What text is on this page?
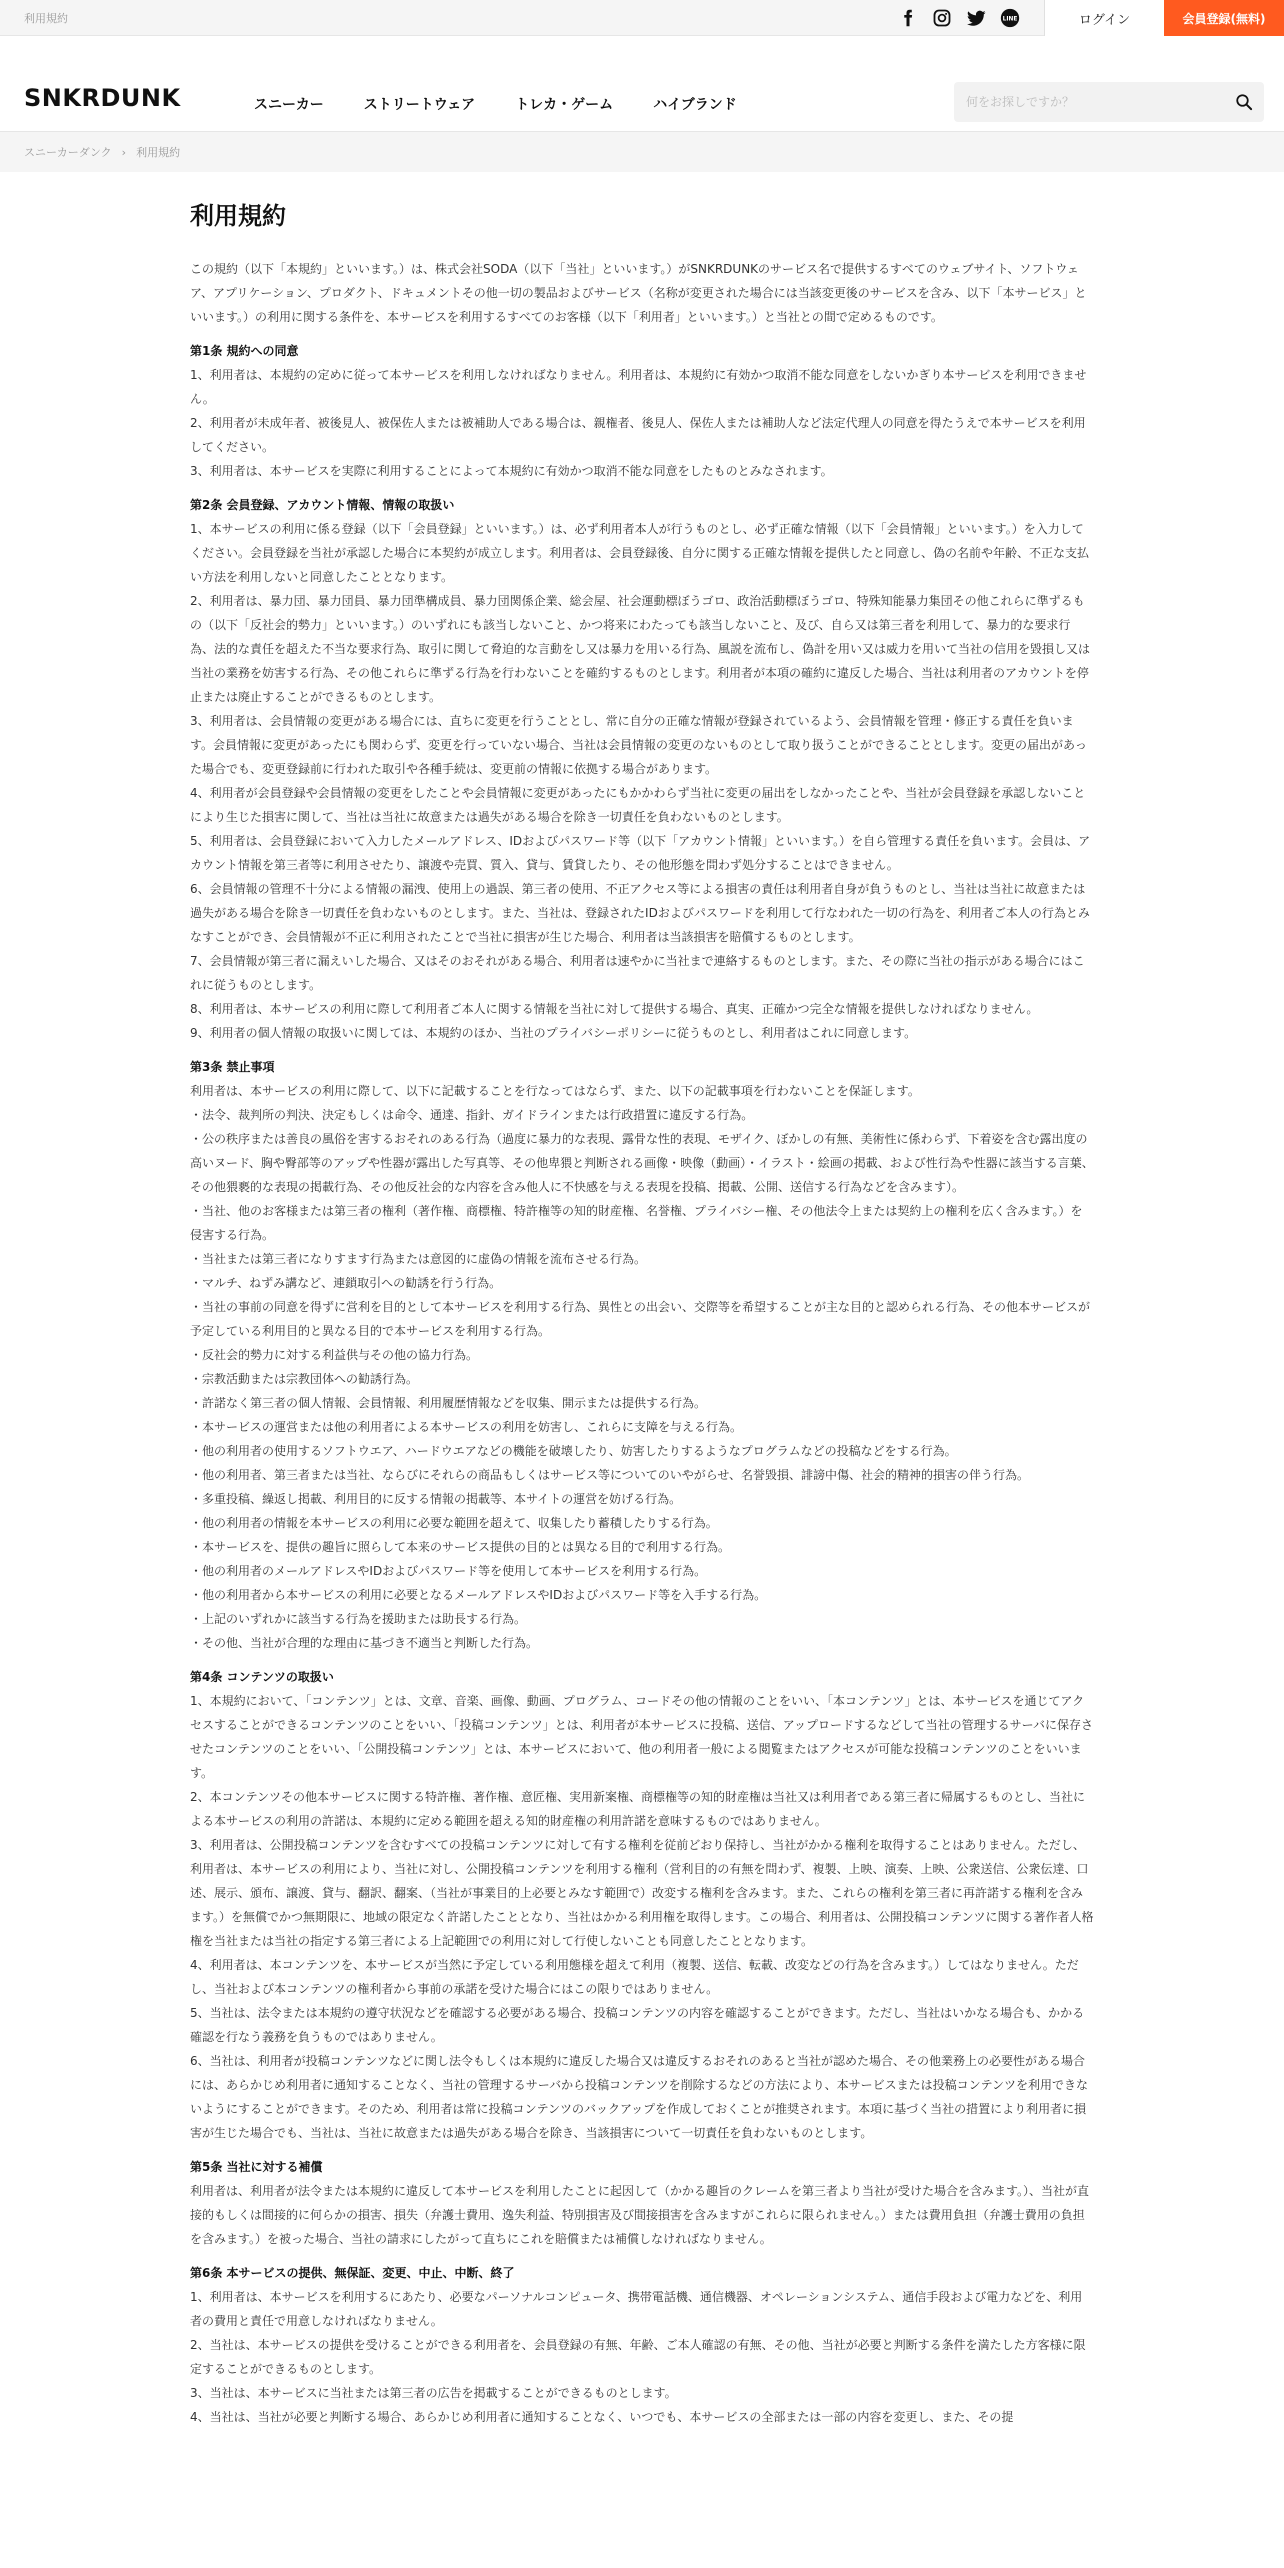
利用規約	LINE	ログイン	会員登録(無料)
SNKRDUNK	スニーカー	ストリートウェア	トレカ・ゲーム	ハイブランド
何をお探しですか？
スニーカーダンク › 利用規約
利用規約

この規約（以下「本規約」といいます。）は、株式会社SODA（以下「当社」といいます。）がSNKRDUNKのサービス名で提供するすべてのウェブサイト、ソフトウェア、アプリケーション、プロダクト、ドキュメントその他一切の製品およびサービス（名称が変更された場合には当該変更後のサービスを含み、以下「本サービス」といいます。）の利用に関する条件を、本サービスを利用するすべてのお客様（以下「利用者」といいます。）と当社との間で定めるものです。

第1条 規約への同意

1、利用者は、本規約の定めに従って本サービスを利用しなければなりません。利用者は、本規約に有効かつ取消不能な同意をしないかぎり本サービスを利用できません。

2、利用者が未成年者、被後見人、被保佐人または被補助人である場合は、親権者、後見人、保佐人または補助人など法定代理人の同意を得たうえで本サービスを利用してください。

3、利用者は、本サービスを実際に利用することによって本規約に有効かつ取消不能な同意をしたものとみなされます。

第2条 会員登録、アカウント情報、情報の取扱い

1、本サービスの利用に係る登録（以下「会員登録」といいます。）は、必ず利用者本人が行うものとし、必ず正確な情報（以下「会員情報」といいます。）を入力してください。会員登録を当社が承認した場合に本契約が成立します。利用者は、会員登録後、自分に関する正確な情報を提供したと同意し、偽の名前や年齢、不正な支払い方法を利用しないと同意したこととなります。

2、利用者は、暴力団、暴力団員、暴力団準構成員、暴力団関係企業、総会屋、社会運動標ぼうゴロ、政治活動標ぼうゴロ、特殊知能暴力集団その他これらに準ずるもの（以下「反社会的勢力」といいます。）のいずれにも該当しないこと、かつ将来にわたっても該当しないこと、及び、自ら又は第三者を利用して、暴力的な要求行為、法的な責任を超えた不当な要求行為、取引に関して脅迫的な言動をし又は暴力を用いる行為、風説を流布し、偽計を用い又は威力を用いて当社の信用を毀損し又は当社の業務を妨害する行為、その他これらに準ずる行為を行わないことを確約するものとします。利用者が本項の確約に違反した場合、当社は利用者のアカウントを停止または廃止することができるものとします。

3、利用者は、会員情報の変更がある場合には、直ちに変更を行うこととし、常に自分の正確な情報が登録されているよう、会員情報を管理・修正する責任を負います。会員情報に変更があったにも関わらず、変更を行っていない場合、当社は会員情報の変更のないものとして取り扱うことができることとします。変更の届出があった場合でも、変更登録前に行われた取引や各種手続は、変更前の情報に依拠する場合があります。

4、利用者が会員登録や会員情報の変更をしたことや会員情報に変更があったにもかかわらず当社に変更の届出をしなかったことや、当社が会員登録を承認しないことにより生じた損害に関して、当社は当社に故意または過失がある場合を除き一切責任を負わないものとします。

5、利用者は、会員登録において入力したメールアドレス、IDおよびパスワード等（以下「アカウント情報」といいます。）を自ら管理する責任を負います。会員は、アカウント情報を第三者等に利用させたり、譲渡や売買、質入、貸与、賃貸したり、その他形態を問わず処分することはできません。

6、会員情報の管理不十分による情報の漏洩、使用上の過誤、第三者の使用、不正アクセス等による損害の責任は利用者自身が負うものとし、当社は当社に故意または過失がある場合を除き一切責任を負わないものとします。また、当社は、登録されたIDおよびパスワードを利用して行なわれた一切の行為を、利用者ご本人の行為とみなすことができ、会員情報が不正に利用されたことで当社に損害が生じた場合、利用者は当該損害を賠償するものとします。

7、会員情報が第三者に漏えいした場合、又はそのおそれがある場合、利用者は速やかに当社まで連絡するものとします。また、その際に当社の指示がある場合にはこれに従うものとします。

8、利用者は、本サービスの利用に際して利用者ご本人に関する情報を当社に対して提供する場合、真実、正確かつ完全な情報を提供しなければなりません。

9、利用者の個人情報の取扱いに関しては、本規約のほか、当社のプライバシーポリシーに従うものとし、利用者はこれに同意します。

第3条 禁止事項

利用者は、本サービスの利用に際して、以下に記載することを行なってはならず、また、以下の記載事項を行わないことを保証します。

・法令、裁判所の判決、決定もしくは命令、通達、指針、ガイドラインまたは行政措置に違反する行為。

・公の秩序または善良の風俗を害するおそれのある行為（過度に暴力的な表現、露骨な性的表現、モザイク、ぼかしの有無、美術性に係わらず、下着姿を含む露出度の高いヌード、胸や臀部等のアップや性器が露出した写真等、その他卑猥と判断される画像・映像（動画）・イラスト・絵画の掲載、および性行為や性器に該当する言葉、その他猥褻的な表現の掲載行為、その他反社会的な内容を含み他人に不快感を与える表現を投稿、掲載、公開、送信する行為などを含みます）。

・当社、他のお客様または第三者の権利（著作権、商標権、特許権等の知的財産権、名誉権、プライバシー権、その他法令上または契約上の権利を広く含みます。）を侵害する行為。

・当社または第三者になりすます行為または意図的に虚偽の情報を流布させる行為。

・マルチ、ねずみ講など、連鎖取引への勧誘を行う行為。

・当社の事前の同意を得ずに営利を目的として本サービスを利用する行為、異性との出会い、交際等を希望することが主な目的と認められる行為、その他本サービスが予定している利用目的と異なる目的で本サービスを利用する行為。

・反社会的勢力に対する利益供与その他の協力行為。

・宗教活動または宗教団体への勧誘行為。

・許諾なく第三者の個人情報、会員情報、利用履歴情報などを収集、開示または提供する行為。

・本サービスの運営または他の利用者による本サービスの利用を妨害し、これらに支障を与える行為。

・他の利用者の使用するソフトウエア、ハードウエアなどの機能を破壊したり、妨害したりするようなプログラムなどの投稿などをする行為。

・他の利用者、第三者または当社、ならびにそれらの商品もしくはサービス等についてのいやがらせ、名誉毀損、誹謗中傷、社会的精神的損害の伴う行為。

・多重投稿、繰返し掲載、利用目的に反する情報の掲載等、本サイトの運営を妨げる行為。

・他の利用者の情報を本サービスの利用に必要な範囲を超えて、収集したり蓄積したりする行為。

・本サービスを、提供の趣旨に照らして本来のサービス提供の目的とは異なる目的で利用する行為。

・他の利用者のメールアドレスやIDおよびパスワード等を使用して本サービスを利用する行為。

・他の利用者から本サービスの利用に必要となるメールアドレスやIDおよびパスワード等を入手する行為。

・上記のいずれかに該当する行為を援助または助長する行為。

・その他、当社が合理的な理由に基づき不適当と判断した行為。

第4条 コンテンツの取扱い

1、本規約において、「コンテンツ」とは、文章、音楽、画像、動画、プログラム、コードその他の情報のことをいい、「本コンテンツ」とは、本サービスを通じてアクセスすることができるコンテンツのことをいい、「投稿コンテンツ」とは、利用者が本サービスに投稿、送信、アップロードするなどして当社の管理するサーバに保存させたコンテンツのことをいい、「公開投稿コンテンツ」とは、本サービスにおいて、他の利用者一般による閲覧またはアクセスが可能な投稿コンテンツのことをいいます。

2、本コンテンツその他本サービスに関する特許権、著作権、意匠権、実用新案権、商標権等の知的財産権は当社又は利用者である第三者に帰属するものとし、当社による本サービスの利用の許諾は、本規約に定める範囲を超える知的財産権の利用許諾を意味するものではありません。

3、利用者は、公開投稿コンテンツを含むすべての投稿コンテンツに対して有する権利を従前どおり保持し、当社がかかる権利を取得することはありません。ただし、利用者は、本サービスの利用により、当社に対し、公開投稿コンテンツを利用する権利（営利目的の有無を問わず、複製、上映、演奏、上映、公衆送信、公衆伝達、口述、展示、頒布、譲渡、貸与、翻訳、翻案、（当社が事業目的上必要とみなす範囲で）改変する権利を含みます。また、これらの権利を第三者に再許諾する権利を含みます。）を無償でかつ無期限に、地域の限定なく許諾したこととなり、当社はかかる利用権を取得します。この場合、利用者は、公開投稿コンテンツに関する著作者人格権を当社または当社の指定する第三者による上記範囲での利用に対して行使しないことも同意したこととなります。

4、利用者は、本コンテンツを、本サービスが当然に予定している利用態様を超えて利用（複製、送信、転載、改変などの行為を含みます。）してはなりません。ただし、当社および本コンテンツの権利者から事前の承諾を受けた場合にはこの限りではありません。

5、当社は、法令または本規約の遵守状況などを確認する必要がある場合、投稿コンテンツの内容を確認することができます。ただし、当社はいかなる場合も、かかる確認を行なう義務を負うものではありません。

6、当社は、利用者が投稿コンテンツなどに関し法令もしくは本規約に違反した場合又は違反するおそれのあると当社が認めた場合、その他業務上の必要性がある場合には、あらかじめ利用者に通知することなく、当社の管理するサーバから投稿コンテンツを削除するなどの方法により、本サービスまたは投稿コンテンツを利用できないようにすることができます。そのため、利用者は常に投稿コンテンツのバックアップを作成しておくことが推奨されます。本項に基づく当社の措置により利用者に損害が生じた場合でも、当社は、当社に故意または過失がある場合を除き、当該損害について一切責任を負わないものとします。

第5条 当社に対する補償

利用者は、利用者が法令または本規約に違反して本サービスを利用したことに起因して（かかる趣旨のクレームを第三者より当社が受けた場合を含みます。）、当社が直接的もしくは間接的に何らかの損害、損失（弁護士費用、逸失利益、特別損害及び間接損害を含みますがこれらに限られません。）または費用負担（弁護士費用の負担を含みます。）を被った場合、当社の請求にしたがって直ちにこれを賠償または補償しなければなりません。

第6条 本サービスの提供、無保証、変更、中止、中断、終了

1、利用者は、本サービスを利用するにあたり、必要なパーソナルコンピュータ、携帯電話機、通信機器、オペレーションシステム、通信手段および電力などを、利用者の費用と責任で用意しなければなりません。

2、当社は、本サービスの提供を受けることができる利用者を、会員登録の有無、年齢、ご本人確認の有無、その他、当社が必要と判断する条件を満たした方客様に限定することができるものとします。

3、当社は、本サービスに当社または第三者の広告を掲載することができるものとします。

4、当社は、当社が必要と判断する場合、あらかじめ利用者に通知することなく、いつでも、本サービスの全部または一部の内容を変更し、また、その提
